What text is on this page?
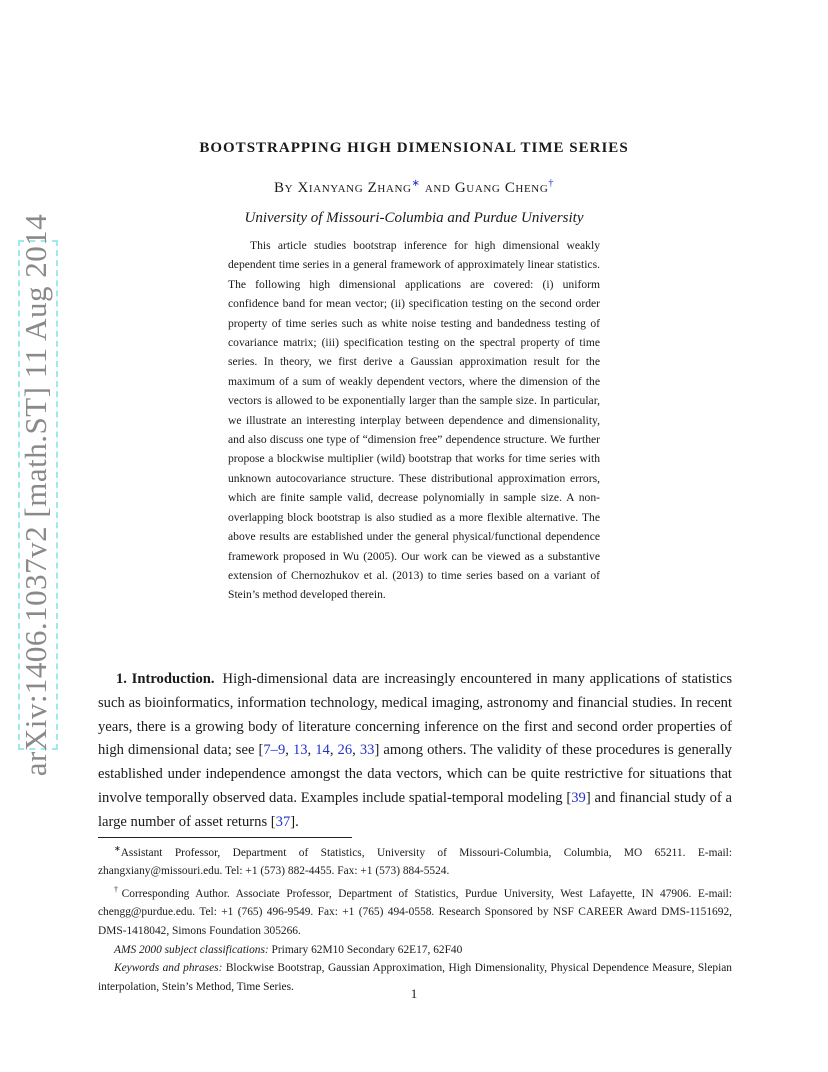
arXiv:1406.1037v2 [math.ST] 11 Aug 2014
BOOTSTRAPPING HIGH DIMENSIONAL TIME SERIES
By Xianyang Zhang∗ and Guang Cheng†
University of Missouri-Columbia and Purdue University
This article studies bootstrap inference for high dimensional weakly dependent time series in a general framework of approximately linear statistics. The following high dimensional applications are covered: (i) uniform confidence band for mean vector; (ii) specification testing on the second order property of time series such as white noise testing and bandedness testing of covariance matrix; (iii) specification testing on the spectral property of time series. In theory, we first derive a Gaussian approximation result for the maximum of a sum of weakly dependent vectors, where the dimension of the vectors is allowed to be exponentially larger than the sample size. In particular, we illustrate an interesting interplay between dependence and dimensionality, and also discuss one type of “dimension free” dependence structure. We further propose a blockwise multiplier (wild) bootstrap that works for time series with unknown autocovariance structure. These distributional approximation errors, which are finite sample valid, decrease polynomially in sample size. A non-overlapping block bootstrap is also studied as a more flexible alternative. The above results are established under the general physical/functional dependence framework proposed in Wu (2005). Our work can be viewed as a substantive extension of Chernozhukov et al. (2013) to time series based on a variant of Stein’s method developed therein.
1. Introduction. High-dimensional data are increasingly encountered in many applications of statistics such as bioinformatics, information technology, medical imaging, astronomy and financial studies. In recent years, there is a growing body of literature concerning inference on the first and second order properties of high dimensional data; see [7–9, 13, 14, 26, 33] among others. The validity of these procedures is generally established under independence amongst the data vectors, which can be quite restrictive for situations that involve temporally observed data. Examples include spatial-temporal modeling [39] and financial study of a large number of asset returns [37].

∗Assistant Professor, Department of Statistics, University of Missouri-Columbia, Columbia, MO 65211. E-mail: zhangxiany@missouri.edu. Tel: +1 (573) 882-4455. Fax: +1 (573) 884-5524.

†Corresponding Author. Associate Professor, Department of Statistics, Purdue University, West Lafayette, IN 47906. E-mail: chengg@purdue.edu. Tel: +1 (765) 496-9549. Fax: +1 (765) 494-0558. Research Sponsored by NSF CAREER Award DMS-1151692, DMS-1418042, Simons Foundation 305266.

AMS 2000 subject classifications: Primary 62M10 Secondary 62E17, 62F40

Keywords and phrases: Blockwise Bootstrap, Gaussian Approximation, High Dimensionality, Physical Dependence Measure, Slepian interpolation, Stein’s Method, Time Series.	1
